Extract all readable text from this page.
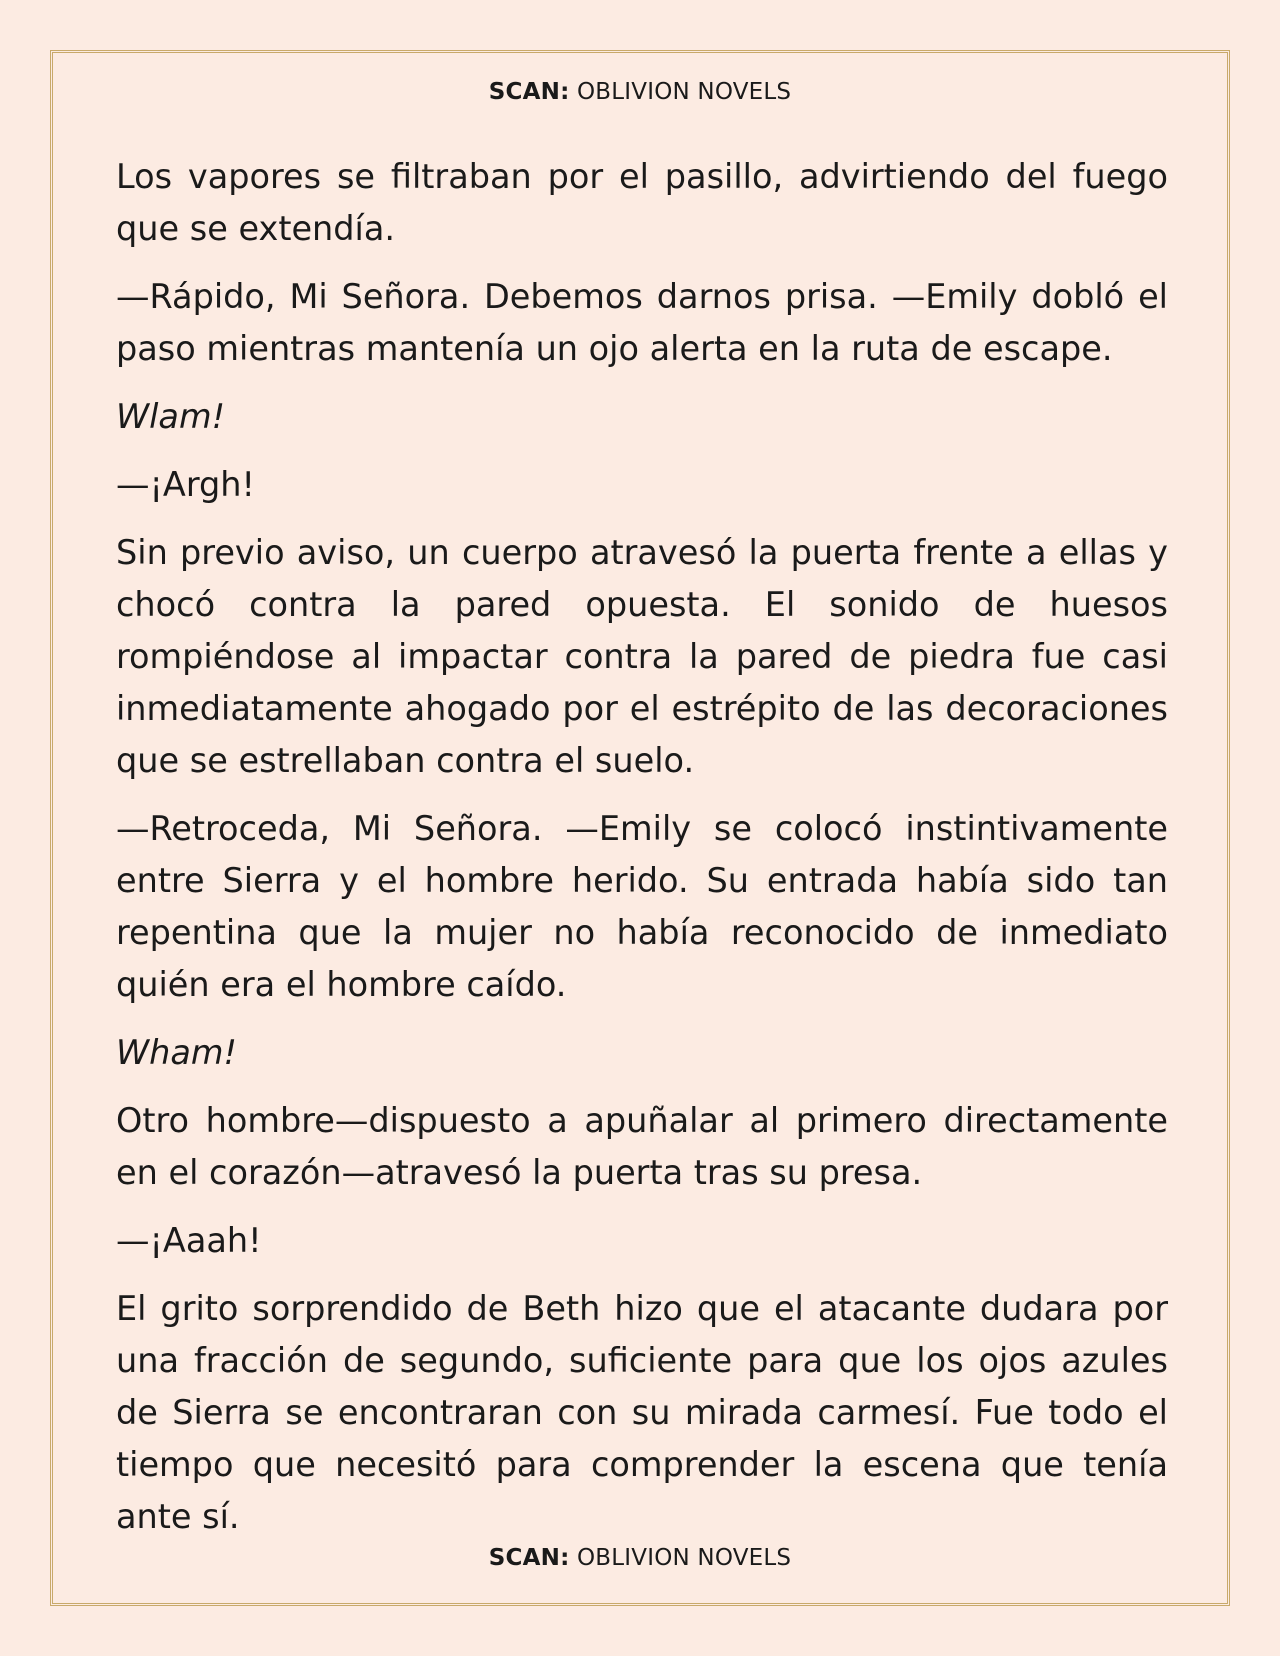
SCAN: OBLIVION NOVELS

Los vapores se filtraban por el pasillo, advirtiendo del fuego que se extendía.

—Rápido, Mi Señora. Debemos darnos prisa. —Emily dobló el paso mientras mantenía un ojo alerta en la ruta de escape.

Wlam!

—¡Argh!

Sin previo aviso, un cuerpo atravesó la puerta frente a ellas y chocó contra la pared opuesta. El sonido de huesos rompiéndose al impactar contra la pared de piedra fue casi inmediatamente ahogado por el estrépito de las decoraciones que se estrellaban contra el suelo.

—Retroceda, Mi Señora. —Emily se colocó instintivamente entre Sierra y el hombre herido. Su entrada había sido tan repentina que la mujer no había reconocido de inmediato quién era el hombre caído.

Wham!

Otro hombre—dispuesto a apuñalar al primero directamente en el corazón—atravesó la puerta tras su presa.

—¡Aaah!

El grito sorprendido de Beth hizo que el atacante dudara por una fracción de segundo, suficiente para que los ojos azules de Sierra se encontraran con su mirada carmesí. Fue todo el tiempo que necesitó para comprender la escena que tenía ante sí.

SCAN: OBLIVION NOVELS
